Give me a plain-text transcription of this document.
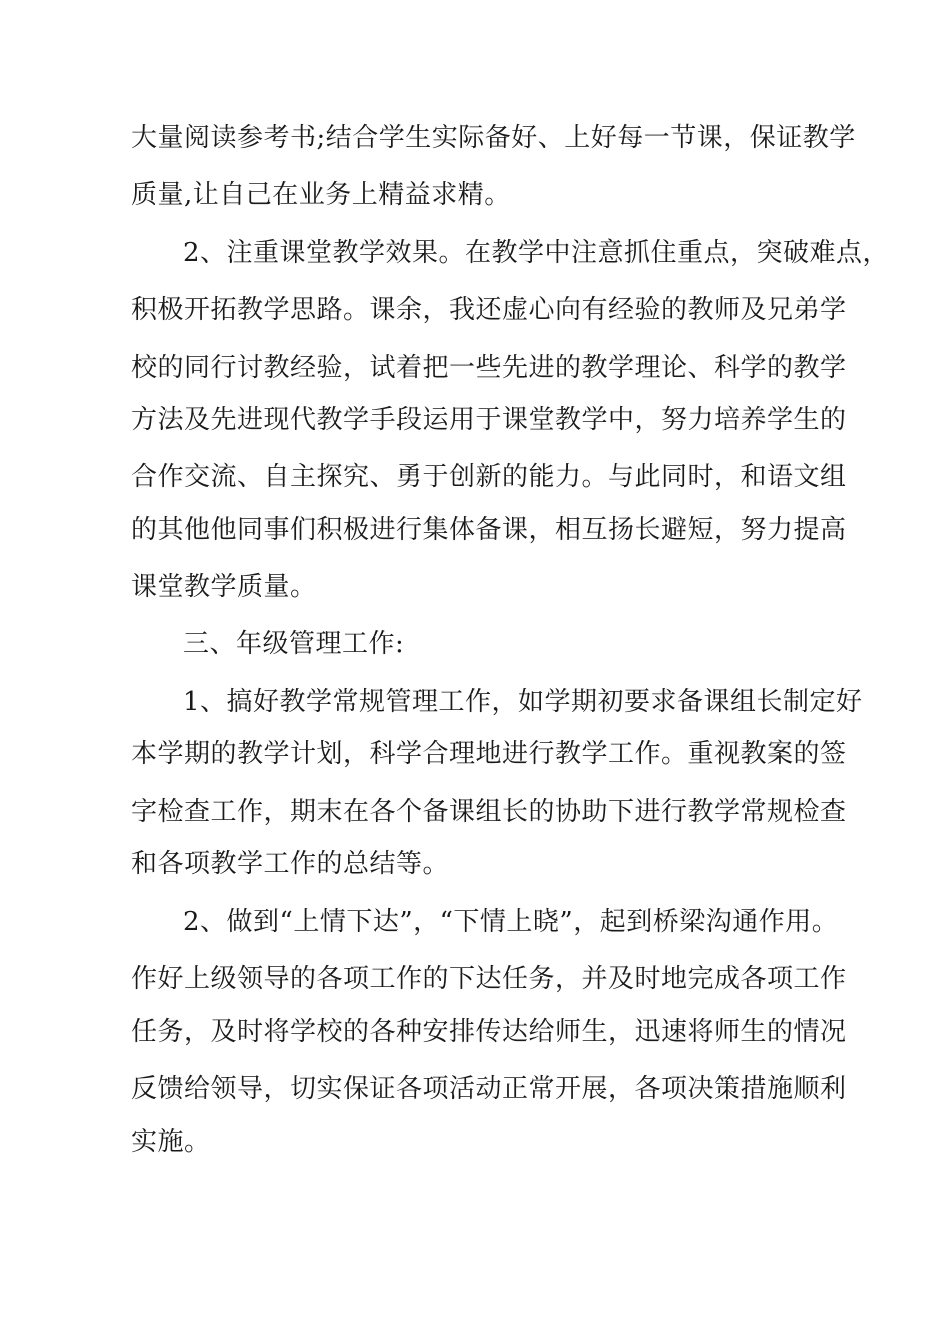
大量阅读参考书;结合学生实际备好、上好每一节课，保证教学
质量,让自己在业务上精益求精。
2、注重课堂教学效果。在教学中注意抓住重点，突破难点，
积极开拓教学思路。课余，我还虚心向有经验的教师及兄弟学
校的同行讨教经验，试着把一些先进的教学理论、科学的教学
方法及先进现代教学手段运用于课堂教学中，努力培养学生的
合作交流、自主探究、勇于创新的能力。与此同时，和语文组
的其他他同事们积极进行集体备课，相互扬长避短，努力提高
课堂教学质量。
三、年级管理工作:
1、搞好教学常规管理工作，如学期初要求备课组长制定好
本学期的教学计划，科学合理地进行教学工作。重视教案的签
字检查工作，期末在各个备课组长的协助下进行教学常规检查
和各项教学工作的总结等。
2、做到“上情下达”，“下情上晓”，起到桥梁沟通作用。
作好上级领导的各项工作的下达任务，并及时地完成各项工作
任务，及时将学校的各种安排传达给师生，迅速将师生的情况
反馈给领导，切实保证各项活动正常开展，各项决策措施顺利
实施。
